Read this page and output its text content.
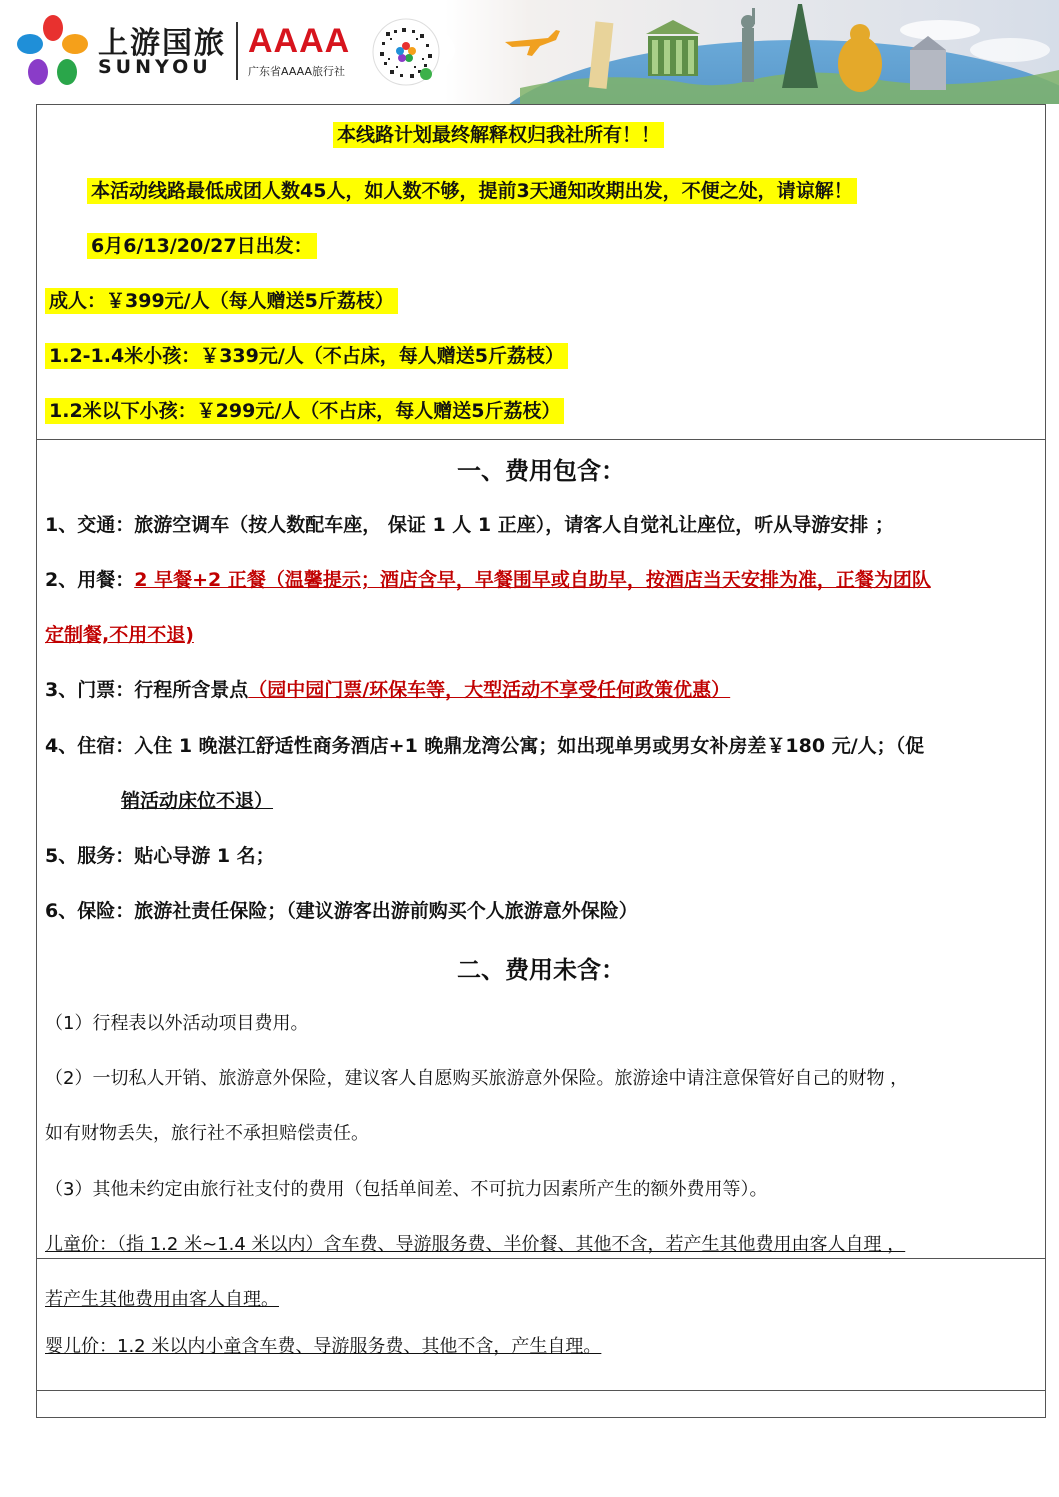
上游国旅
SUNYOU
AAAA
广东省AAAA旅行社
本线路计划最终解释权归我社所有！！
本活动线路最低成团人数45人，如人数不够，提前3天通知改期出发，不便之处，请谅解！
6月6/13/20/27日出发：
成人：￥399元/人（每人赠送5斤荔枝）
1.2-1.4米小孩：￥339元/人（不占床，每人赠送5斤荔枝）
1.2米以下小孩：￥299元/人（不占床，每人赠送5斤荔枝）
一、费用包含：
1、交通：旅游空调车（按人数配车座， 保证 1 人 1 正座），请客人自觉礼让座位，听从导游安排 ；
2、用餐：2 早餐+2 正餐（温馨提示；酒店含早，早餐围早或自助早，按酒店当天安排为准，正餐为团队
定制餐,不用不退)
3、门票：行程所含景点（园中园门票/环保车等，大型活动不享受任何政策优惠）
4、住宿：入住 1 晚湛江舒适性商务酒店+1 晚鼎龙湾公寓；如出现单男或男女补房差￥180 元/人；（促
销活动床位不退）
5、服务：贴心导游 1 名；
6、保险：旅游社责任保险；（建议游客出游前购买个人旅游意外保险）
二、费用未含：
（1）行程表以外活动项目费用。
（2）一切私人开销、旅游意外保险，建议客人自愿购买旅游意外保险。旅游途中请注意保管好自己的财物 ，
如有财物丢失，旅行社不承担赔偿责任。
（3）其他未约定由旅行社支付的费用（包括单间差、不可抗力因素所产生的额外费用等）。
儿童价：（指 1.2 米~1.4 米以内）含车费、导游服务费、半价餐、其他不含，若产生其他费用由客人自理 ，
若产生其他费用由客人自理。
婴儿价：1.2 米以内小童含车费、导游服务费、其他不含，产生自理。
